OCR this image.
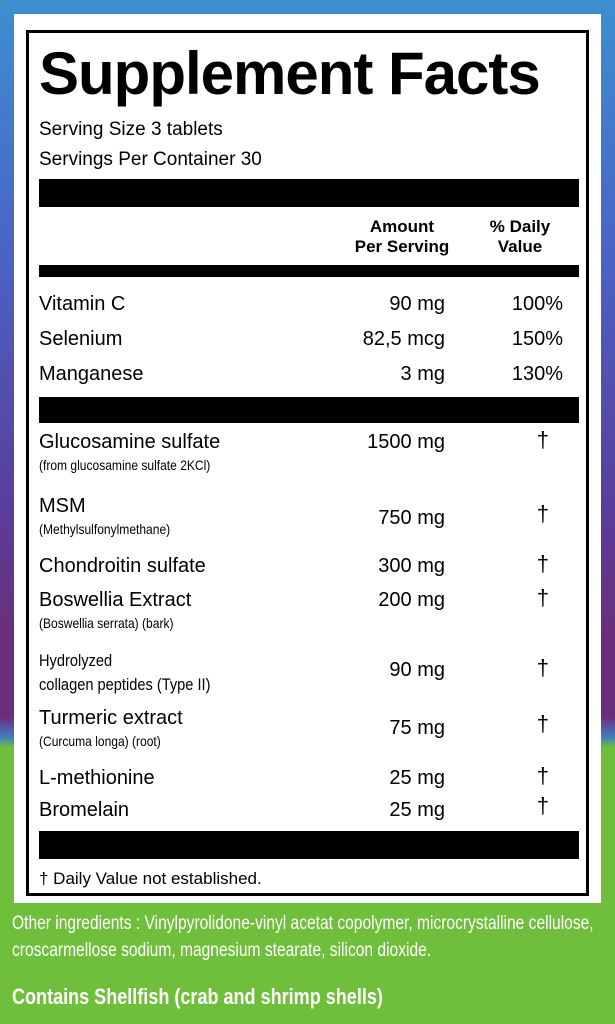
Supplement Facts
Serving Size 3 tablets
Servings Per Container 30
Amount
Per Serving
% Daily
Value
Vitamin C	90 mg	100%
Selenium	82,5 mcg	150%
Manganese	3 mg	130%
Glucosamine sulfate
(from glucosamine sulfate 2KCl)
1500 mg	†
MSM
(Methylsulfonylmethane)	750 mg	†
Chondroitin sulfate	300 mg	†
Boswellia Extract
(Boswellia serrata) (bark)
200 mg	†
Hydrolyzed
collagen peptides (Type II)
90 mg	†
Turmeric extract
(Curcuma longa) (root)
75 mg	†
L-methionine	25 mg	†
Bromelain	25 mg	†
† Daily Value not established.
Other ingredients : Vinylpyrolidone-vinyl acetat copolymer, microcrystalline cellulose,
croscarmellose sodium, magnesium stearate, silicon dioxide.
Contains Shellfish (crab and shrimp shells)
